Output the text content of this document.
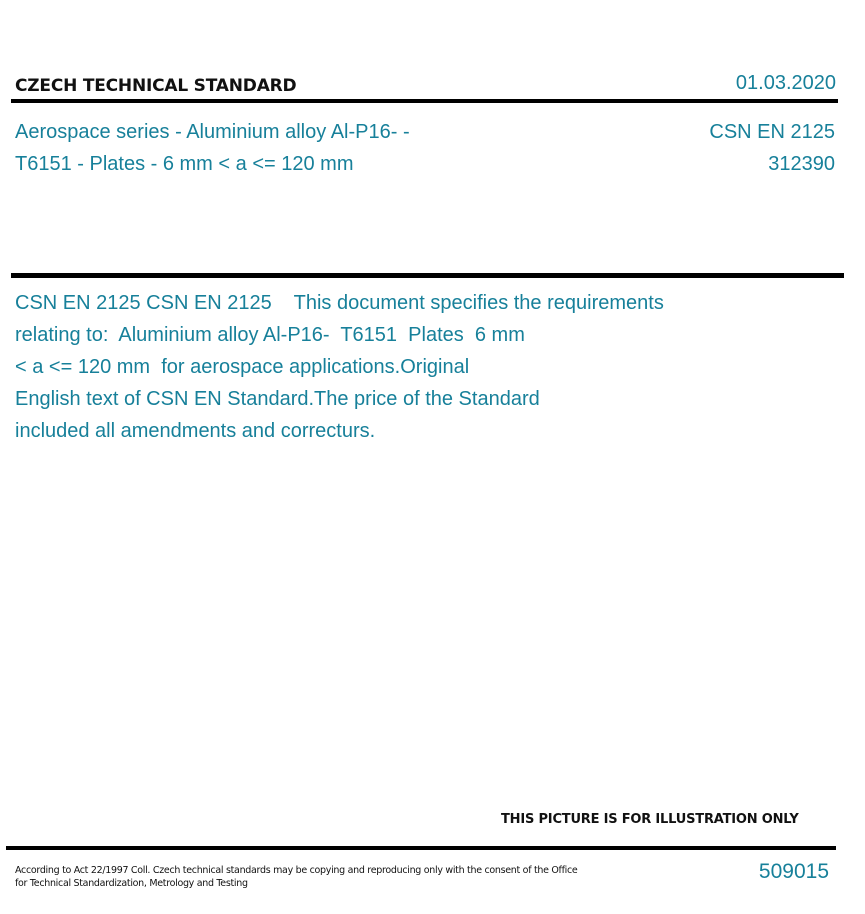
CZECH TECHNICAL STANDARD	01.03.2020
Aerospace series - Aluminium alloy Al-P16- -
T6151 - Plates - 6 mm < a <= 120 mm
CSN EN 2125
312390
CSN EN 2125 CSN EN 2125    This document specifies the requirements
relating to:  Aluminium alloy Al-P16-  T6151  Plates  6 mm
< a <= 120 mm  for aerospace applications.Original
English text of CSN EN Standard.The price of the Standard
included all amendments and correcturs.
THIS PICTURE IS FOR ILLUSTRATION ONLY
According to Act 22/1997 Coll. Czech technical standards may be copying and reproducing only with the consent of the Office
for Technical Standardization, Metrology and Testing
509015
